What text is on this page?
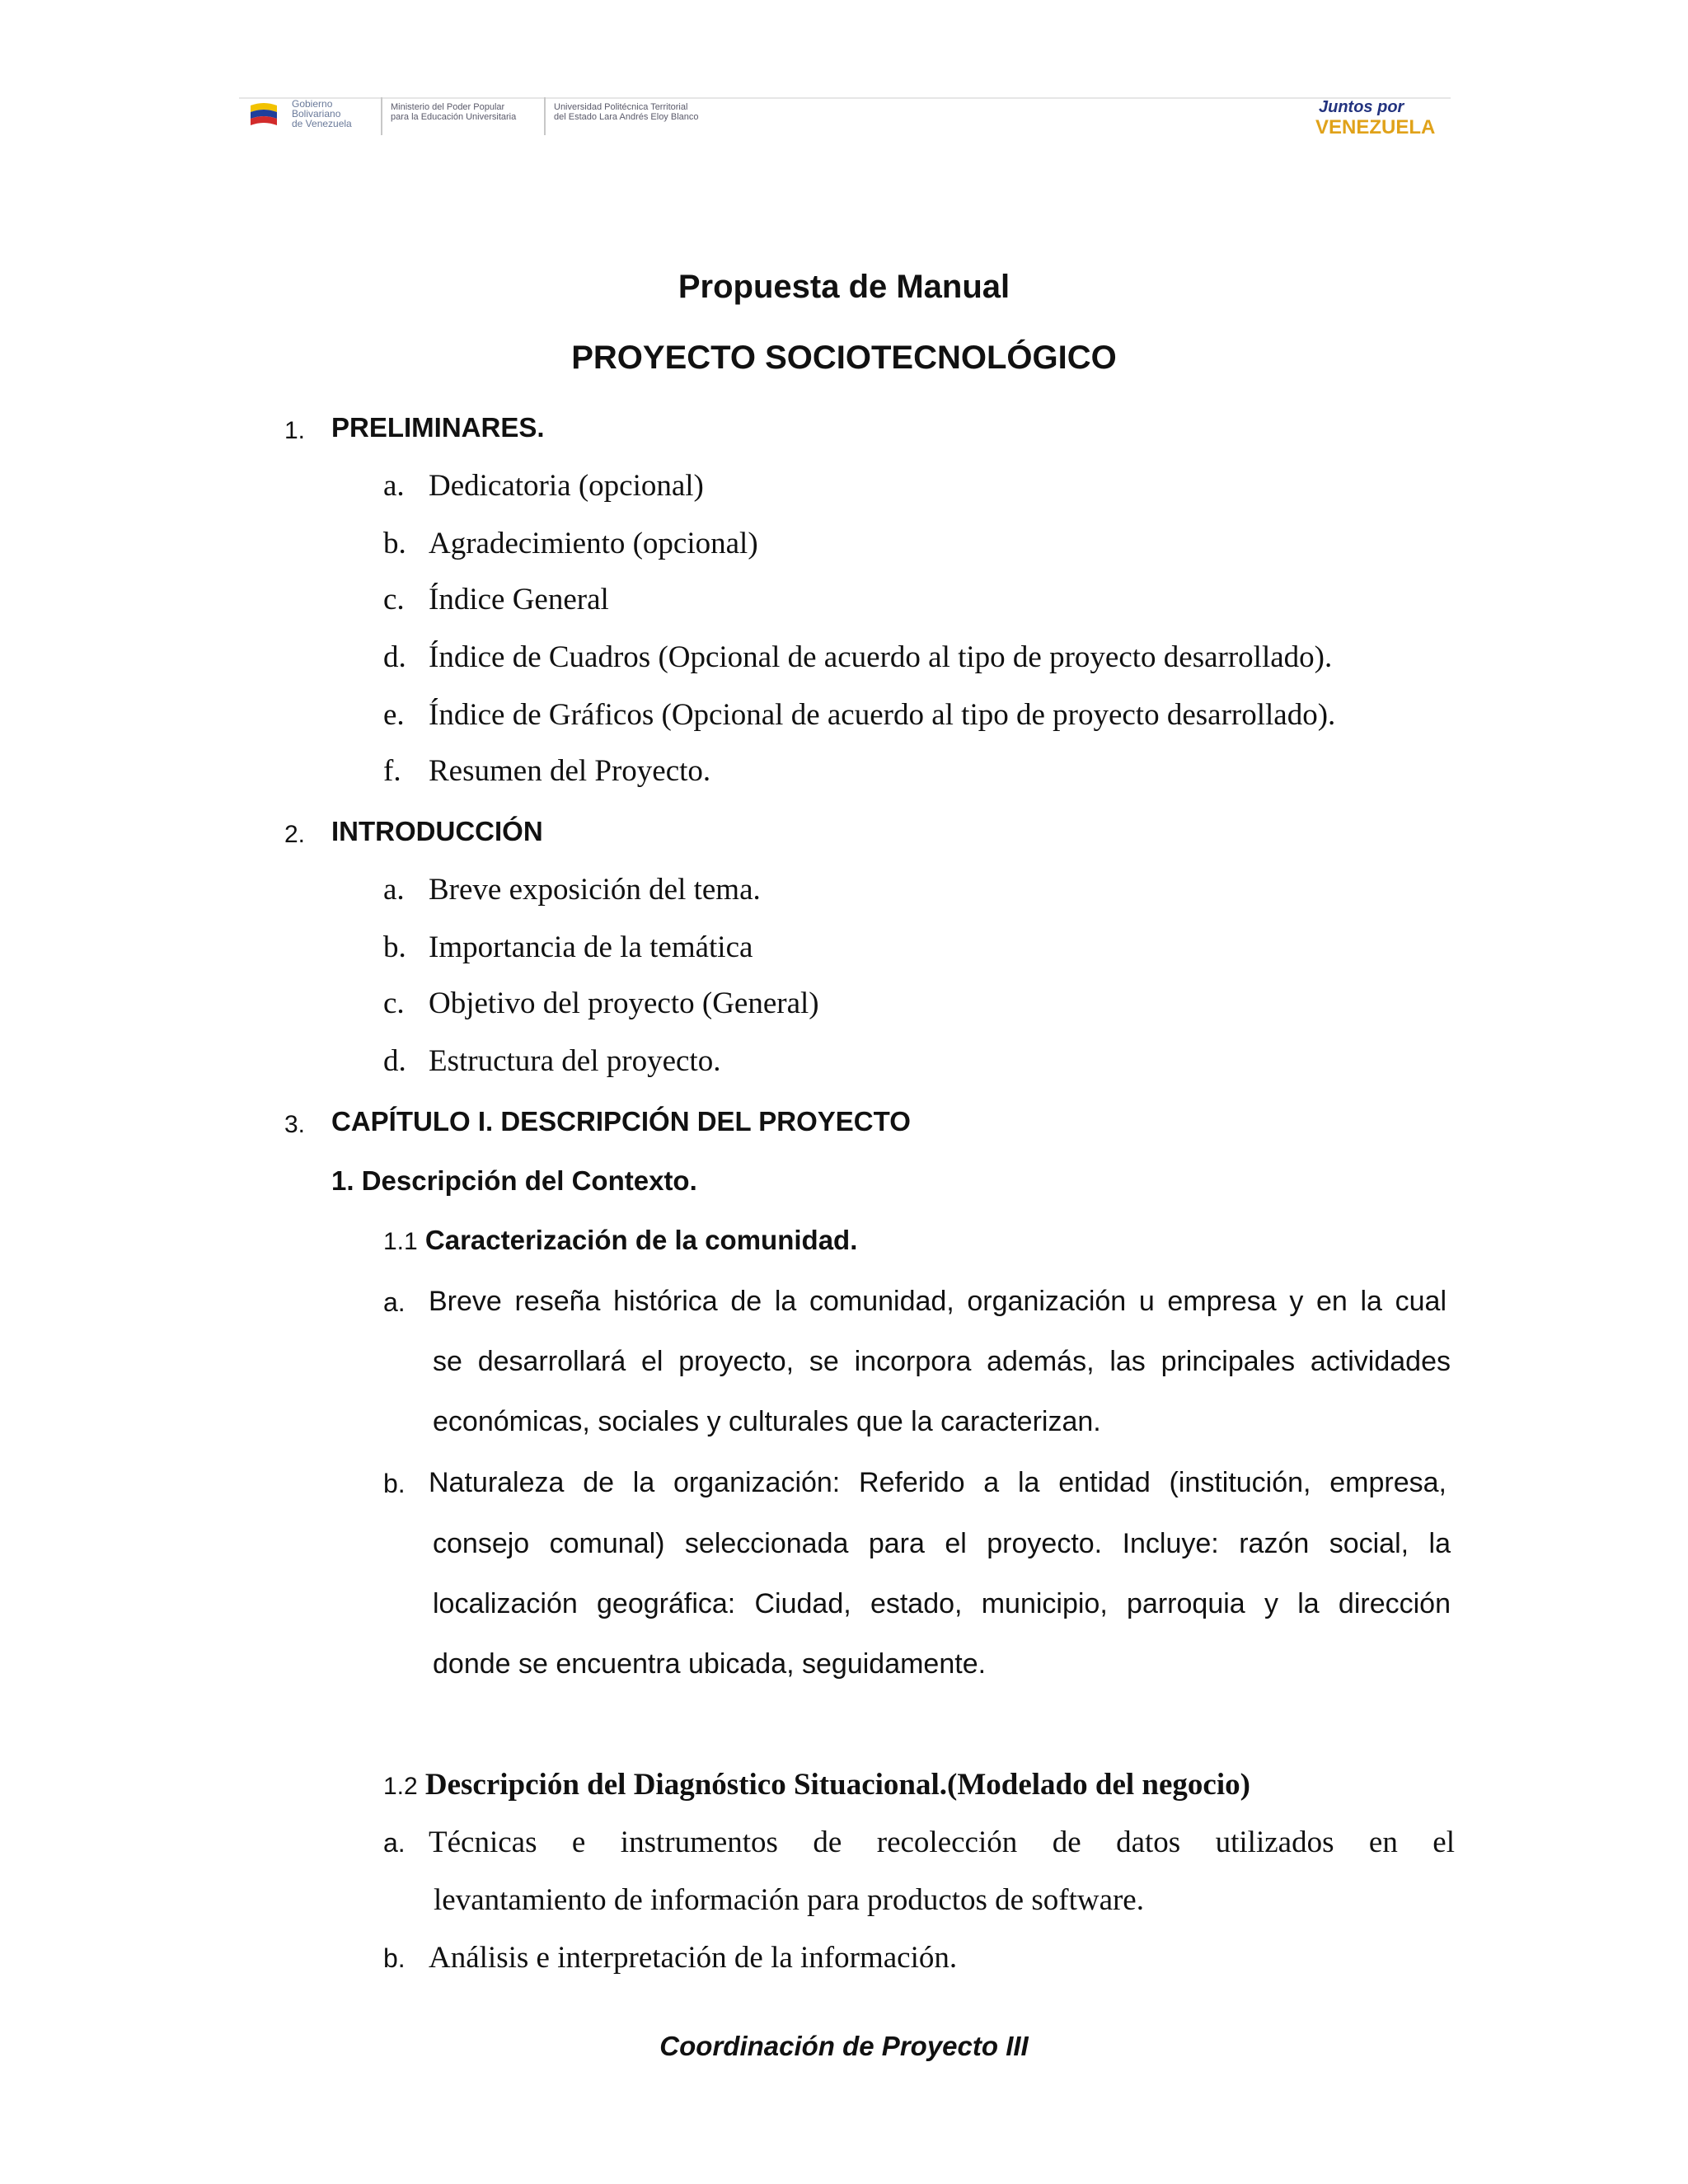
Gobierno
Bolivariano
de Venezuela
Ministerio del Poder Popular
para la Educación Universitaria
Universidad Politécnica Territorial
del Estado Lara Andrés Eloy Blanco
Juntos por
VENEZUELA
Propuesta de Manual
PROYECTO SOCIOTECNOLÓGICO
1. PRELIMINARES.
a. Dedicatoria (opcional)
b. Agradecimiento (opcional)
c. Índice General
d. Índice de Cuadros (Opcional de acuerdo al tipo de proyecto desarrollado).
e. Índice de Gráficos (Opcional de acuerdo al tipo de proyecto desarrollado).
f. Resumen del Proyecto.
2. INTRODUCCIÓN
a. Breve exposición del tema.
b. Importancia de la temática
c. Objetivo del proyecto (General)
d. Estructura del proyecto.
3. CAPÍTULO I. DESCRIPCIÓN DEL PROYECTO
1. Descripción del Contexto.
1.1 Caracterización de la comunidad.
a. Breve reseña histórica de la comunidad, organización u empresa y en la cual
se desarrollará el proyecto, se incorpora además, las principales actividades
económicas, sociales y culturales que la caracterizan.
b. Naturaleza de la organización: Referido a la entidad (institución, empresa,
consejo comunal) seleccionada para el proyecto. Incluye: razón social, la
localización geográfica: Ciudad, estado, municipio, parroquia y la dirección
donde se encuentra ubicada, seguidamente.
1.2 Descripción del Diagnóstico Situacional.(Modelado del negocio)
a. Técnicas e instrumentos de recolección de datos utilizados en el
levantamiento de información para productos de software.
b. Análisis e interpretación de la información.
Coordinación de Proyecto III
